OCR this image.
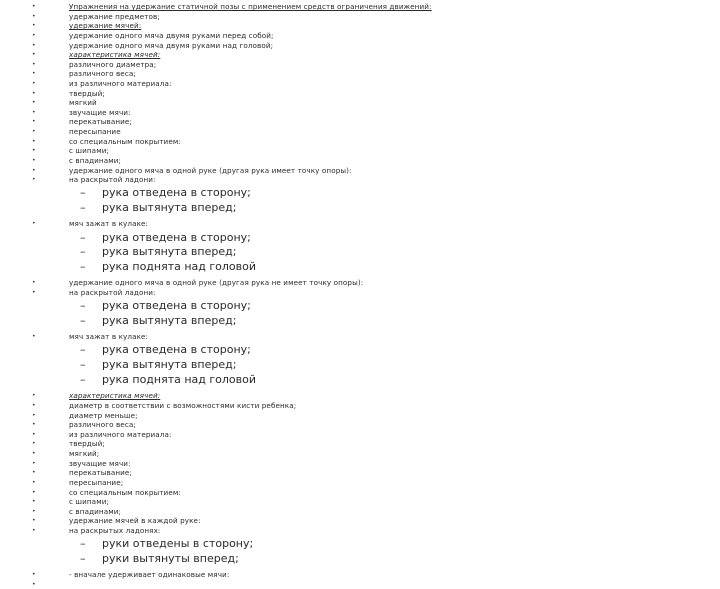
•	Упражнения на удержание статичной позы с применением средств ограничения движений:
•	удержание предметов;
•	удержание мячей:
•	удержание одного мяча двумя руками перед собой;
•	удержание одного мяча двумя руками над головой;
•	характеристика мячей:
•	различного диаметра;
•	различного веса;
•	из различного материала:
•	твердый;
•	мягкий
•	звучащие мячи:
•	перекатывание;
•	пересыпание
•	со специальным покрытием:
•	с шипами;
•	с впадинами;
•	удержание одного мяча в одной руке (другая рука имеет точку опоры):
•	на раскрытой ладони:
– рука отведена в сторону;
– рука вытянута вперед;
•	мяч зажат в кулаке:
– рука отведена в сторону;
– рука вытянута вперед;
– рука поднята над головой
•	удержание одного мяча в одной руке (другая рука не имеет точку опоры):
•	на раскрытой ладони:
– рука отведена в сторону;
– рука вытянута вперед;
•	мяч зажат в кулаке:
– рука отведена в сторону;
– рука вытянута вперед;
– рука поднята над головой
•	характеристика мячей:
•	диаметр в соответствии с возможностями кисти ребенка;
•	диаметр меньше;
•	различного веса;
•	из различного материала:
•	твердый;
•	мягкий;
•	звучащие мячи:
•	перекатывание;
•	пересыпание;
•	со специальным покрытием:
•	с шипами;
•	с впадинами;
•	удержание мячей в каждой руке:
•	на раскрытых ладонях:
– руки отведены в сторону;
– руки вытянуты вперед;
•	- вначале удерживает одинаковые мячи:
•
